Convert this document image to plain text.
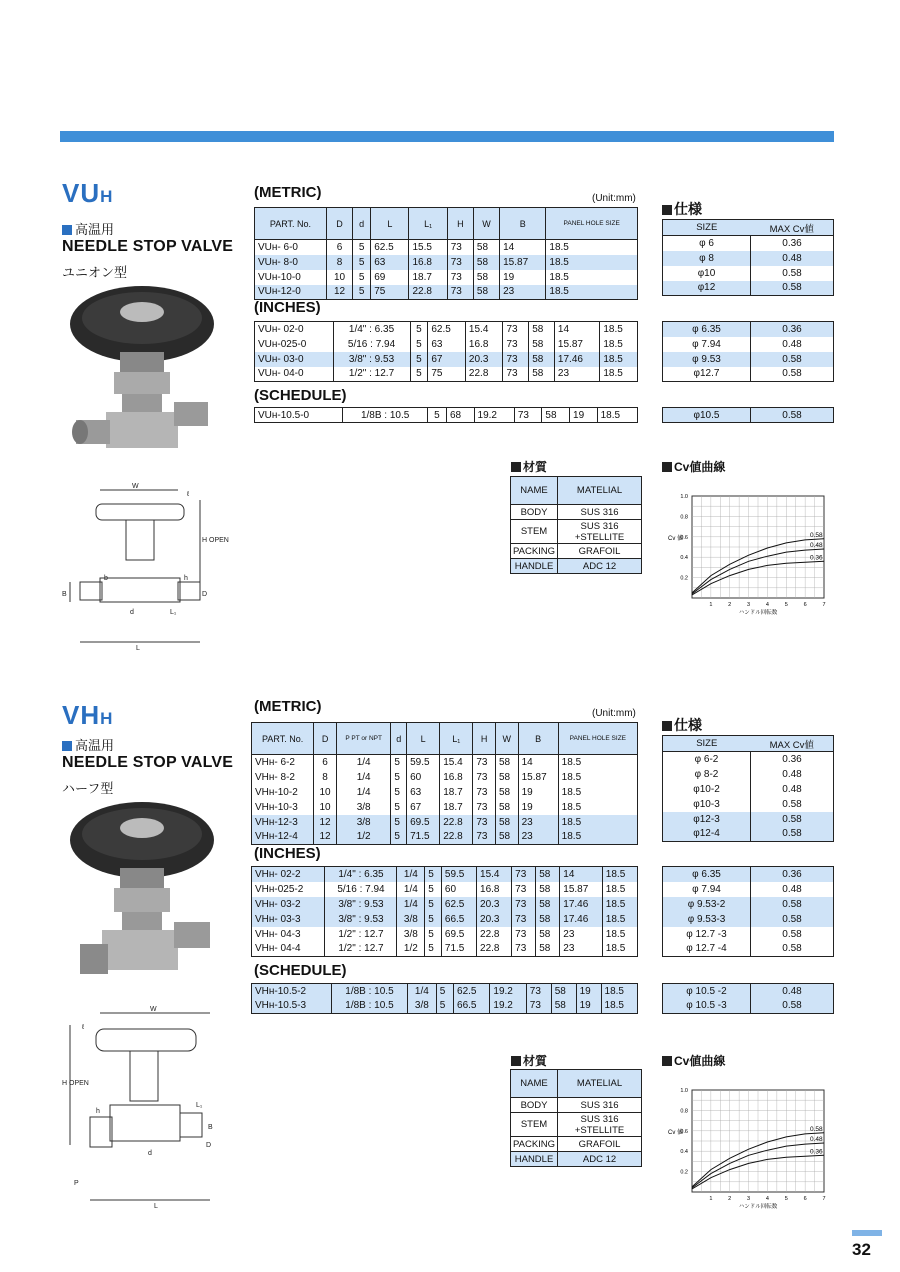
VUH
高温用
NEEDLE STOP VALVE
ユニオン型
W
ℓ
H OPEN
h
b
B	D
d	L₁
L
(METRIC)	(Unit:mm)
PART. No.	D	d	L	L₁	H	W	B	PANEL HOLE SIZE
VUн- 6-0	6	5	62.5	15.5	73	58	14	18.5
VUн- 8-0	8	5	63	16.8	73	58	15.87	18.5
VUн-10-0	10	5	69	18.7	73	58	19	18.5
VUн-12-0	12	5	75	22.8	73	58	23	18.5
(INCHES)
VUн- 02-0	1/4" : 6.35	5	62.5	15.4	73	58	14	18.5
VUн-025-0	5/16 : 7.94	5	63	16.8	73	58	15.87	18.5
VUн- 03-0	3/8" : 9.53	5	67	20.3	73	58	17.46	18.5
VUн- 04-0	1/2" : 12.7	5	75	22.8	73	58	23	18.5
(SCHEDULE)
VUн-10.5-0	1/8B : 10.5	5	68	19.2	73	58	19	18.5
仕様
SIZE	MAX Cv値
φ 6	0.36
φ 8	0.48
φ10	0.58
φ12	0.58
φ 6.35	0.36
φ 7.94	0.48
φ 9.53	0.58
φ12.7	0.58
φ10.5	0.58
材質
NAME	MATELIAL
BODY	SUS 316
STEM	SUS 316 +STELLITE
PACKING	GRAFOIL
HANDLE	ADC 12
Cv値曲線
0.2
0.4
0.6
0.8
1.0
1	2	3	4	5	6	7
Cv 値
ハンドル回転数
0.58
0.48
0.36
VHH
高温用
NEEDLE STOP VALVE
ハーフ型
W
ℓ
H OPEN
h
L₁
B
D
d
P
L
(METRIC)	(Unit:mm)
PART. No.	D	P PT or NPT	d	L	L₁	H	W	B	PANEL HOLE SIZE
VHн- 6-2	6	1/4	5	59.5	15.4	73	58	14	18.5
VHн- 8-2	8	1/4	5	60	16.8	73	58	15.87	18.5
VHн-10-2	10	1/4	5	63	18.7	73	58	19	18.5
VHн-10-3	10	3/8	5	67	18.7	73	58	19	18.5
VHн-12-3	12	3/8	5	69.5	22.8	73	58	23	18.5
VHн-12-4	12	1/2	5	71.5	22.8	73	58	23	18.5
(INCHES)
VHн- 02-2	1/4" : 6.35	1/4	5	59.5	15.4	73	58	14	18.5
VHн-025-2	5/16 : 7.94	1/4	5	60	16.8	73	58	15.87	18.5
VHн- 03-2	3/8" : 9.53	1/4	5	62.5	20.3	73	58	17.46	18.5
VHн- 03-3	3/8" : 9.53	3/8	5	66.5	20.3	73	58	17.46	18.5
VHн- 04-3	1/2" : 12.7	3/8	5	69.5	22.8	73	58	23	18.5
VHн- 04-4	1/2" : 12.7	1/2	5	71.5	22.8	73	58	23	18.5
(SCHEDULE)
VHн-10.5-2	1/8B : 10.5	1/4	5	62.5	19.2	73	58	19	18.5
VHн-10.5-3	1/8B : 10.5	3/8	5	66.5	19.2	73	58	19	18.5
仕様
SIZE	MAX Cv値
φ 6-2	0.36
φ 8-2	0.48
φ10-2	0.48
φ10-3	0.58
φ12-3	0.58
φ12-4	0.58
φ 6.35	0.36
φ 7.94	0.48
φ 9.53-2	0.58
φ 9.53-3	0.58
φ 12.7 -3	0.58
φ 12.7 -4	0.58
φ 10.5 -2	0.48
φ 10.5 -3	0.58
材質
NAME	MATELIAL
BODY	SUS 316
STEM	SUS 316 +STELLITE
PACKING	GRAFOIL
HANDLE	ADC 12
Cv値曲線
0.2
0.4
0.6
0.8
1.0
1	2	3	4	5	6	7
Cv 値
ハンドル回転数
0.58
0.48
0.36
32
